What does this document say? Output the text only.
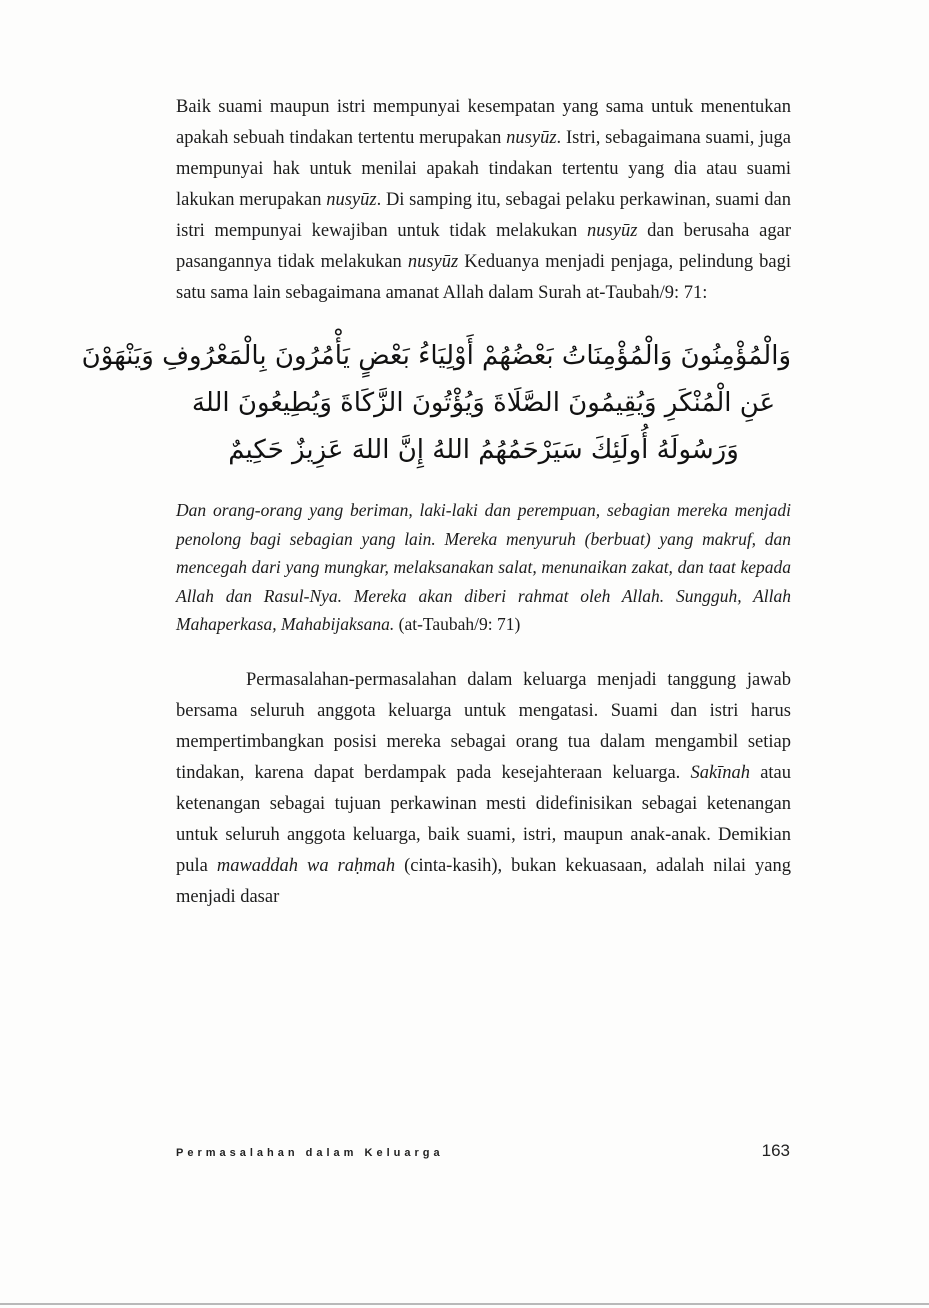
Baik suami maupun istri mempunyai kesempatan yang sama untuk menentukan apakah sebuah tindakan tertentu merupakan nusyūz. Istri, sebagaimana suami, juga mempunyai hak untuk menilai apakah tindakan tertentu yang dia atau suami lakukan merupakan nusyūz. Di samping itu, sebagai pelaku perkawinan, suami dan istri mempunyai kewajiban untuk tidak melakukan nusyūz dan berusaha agar pasangannya tidak melakukan nusyūz Keduanya menjadi penjaga, pelindung bagi satu sama lain sebagaimana amanat Allah dalam Surah at-Taubah/9: 71:

وَالْمُؤْمِنُونَ وَالْمُؤْمِنَاتُ بَعْضُهُمْ أَوْلِيَاءُ بَعْضٍ يَأْمُرُونَ بِالْمَعْرُوفِ وَيَنْهَوْنَ
عَنِ الْمُنْكَرِ وَيُقِيمُونَ الصَّلَاةَ وَيُؤْتُونَ الزَّكَاةَ وَيُطِيعُونَ اللهَ
وَرَسُولَهُ أُولَئِكَ سَيَرْحَمُهُمُ اللهُ إِنَّ اللهَ عَزِيزٌ حَكِيمٌ

Dan orang-orang yang beriman, laki-laki dan perempuan, sebagian mereka menjadi penolong bagi sebagian yang lain. Mereka menyuruh (berbuat) yang makruf, dan mencegah dari yang mungkar, melaksanakan salat, menunaikan zakat, dan taat kepada Allah dan Rasul-Nya. Mereka akan diberi rahmat oleh Allah. Sungguh, Allah Mahaperkasa, Mahabijaksana. (at-Taubah/9: 71)

Permasalahan-permasalahan dalam keluarga menjadi tanggung jawab bersama seluruh anggota keluarga untuk mengatasi. Suami dan istri harus mempertimbangkan posisi mereka sebagai orang tua dalam mengambil setiap tindakan, karena dapat berdampak pada kesejahteraan keluarga. Sakīnah atau ketenangan sebagai tujuan perkawinan mesti didefinisikan sebagai ketenangan untuk seluruh anggota keluarga, baik suami, istri, maupun anak-anak. Demikian pula mawaddah wa raḥmah (cinta-kasih), bukan kekuasaan, adalah nilai yang menjadi dasar

Permasalahan dalam Keluarga	163
